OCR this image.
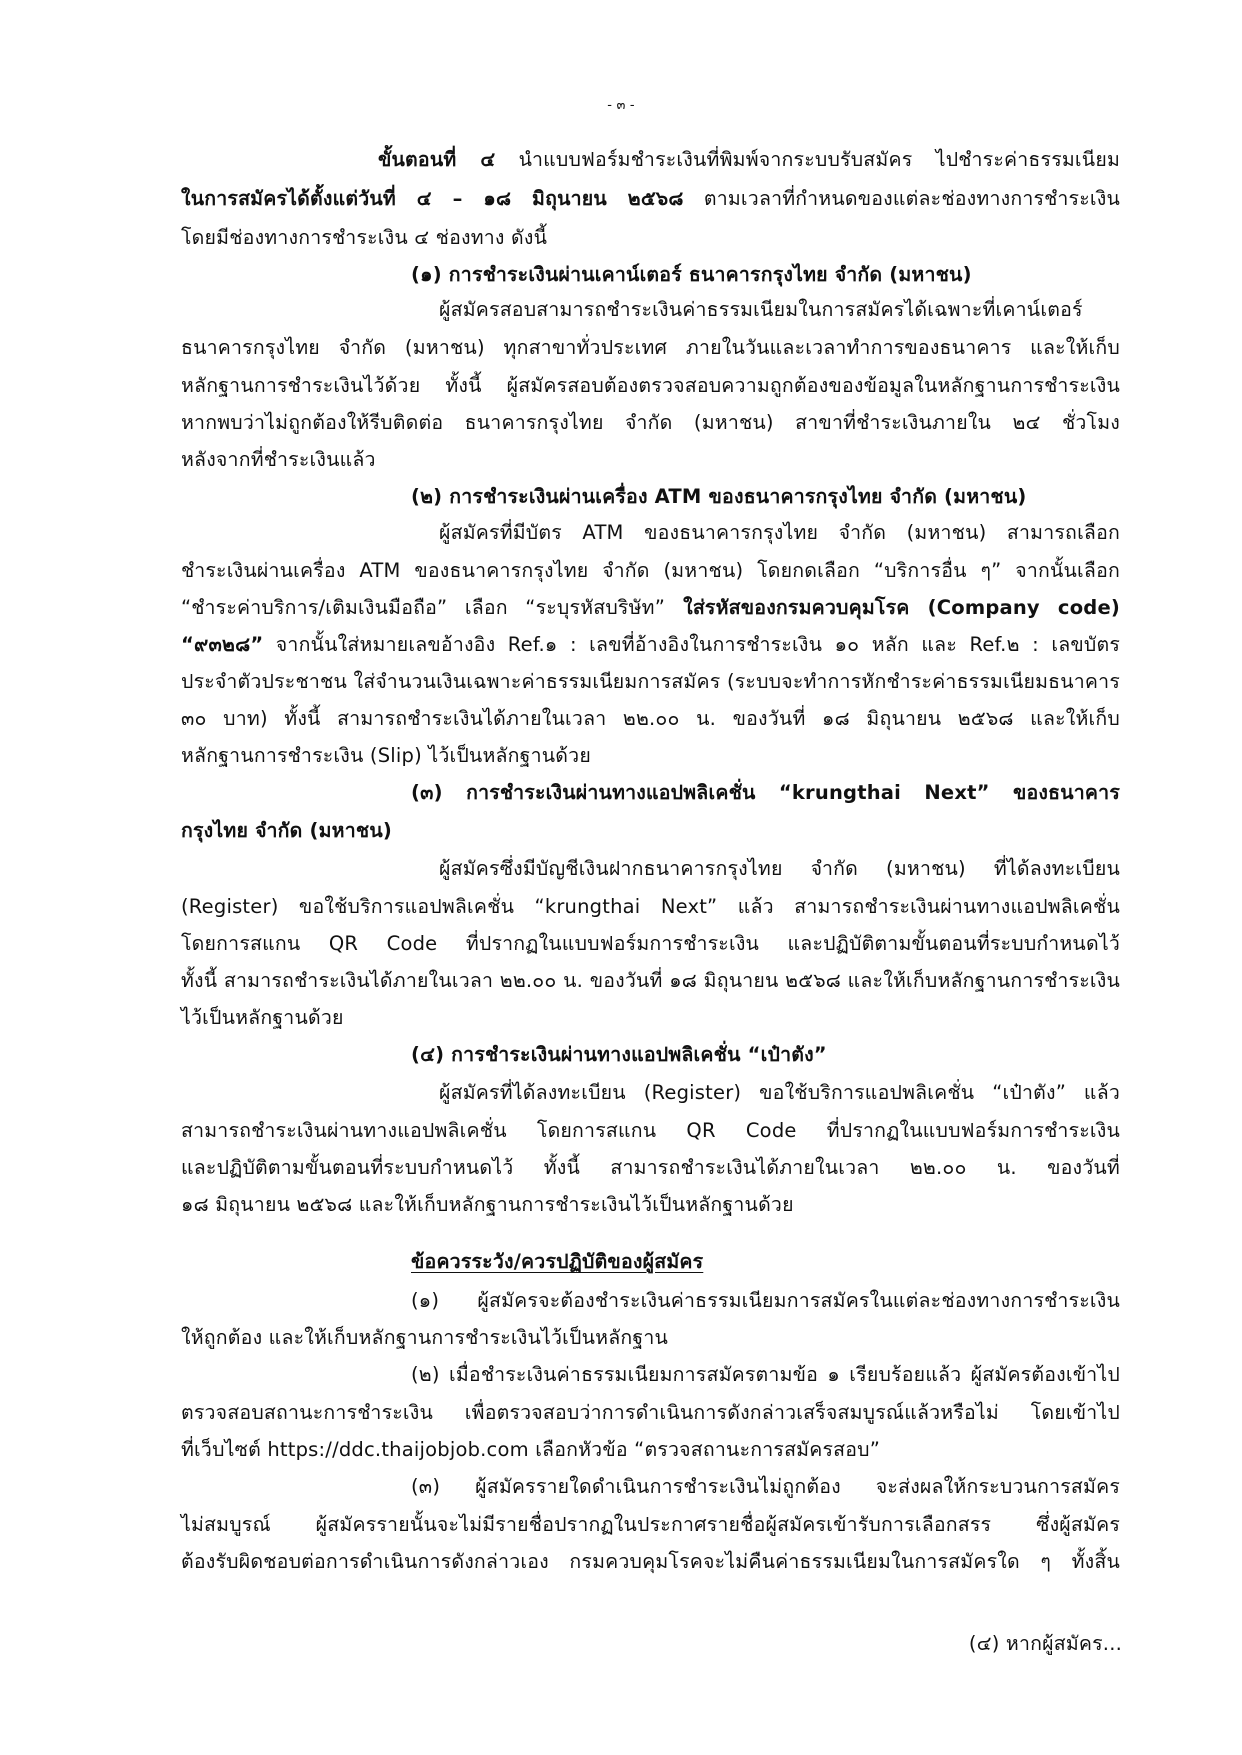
- ๓ -
ขั้นตอนที่ ๔ นำแบบฟอร์มชำระเงินที่พิมพ์จากระบบรับสมัคร ไปชำระค่าธรรมเนียม
ในการสมัครได้ตั้งแต่วันที่ ๔ – ๑๘ มิถุนายน ๒๕๖๘ ตามเวลาที่กำหนดของแต่ละช่องทางการชำระเงิน
โดยมีช่องทางการชำระเงิน ๔ ช่องทาง ดังนี้
(๑) การชำระเงินผ่านเคาน์เตอร์ ธนาคารกรุงไทย จำกัด (มหาชน)
ผู้สมัครสอบสามารถชำระเงินค่าธรรมเนียมในการสมัครได้เฉพาะที่เคาน์เตอร์
ธนาคารกรุงไทย จำกัด (มหาชน) ทุกสาขาทั่วประเทศ ภายในวันและเวลาทำการของธนาคาร และให้เก็บ
หลักฐานการชำระเงินไว้ด้วย ทั้งนี้ ผู้สมัครสอบต้องตรวจสอบความถูกต้องของข้อมูลในหลักฐานการชำระเงิน
หากพบว่าไม่ถูกต้องให้รีบติดต่อ ธนาคารกรุงไทย จำกัด (มหาชน) สาขาที่ชำระเงินภายใน ๒๔ ชั่วโมง
หลังจากที่ชำระเงินแล้ว
(๒) การชำระเงินผ่านเครื่อง ATM ของธนาคารกรุงไทย จำกัด (มหาชน)
ผู้สมัครที่มีบัตร ATM ของธนาคารกรุงไทย จำกัด (มหาชน) สามารถเลือก
ชำระเงินผ่านเครื่อง ATM ของธนาคารกรุงไทย จำกัด (มหาชน) โดยกดเลือก “บริการอื่น ๆ” จากนั้นเลือก
“ชำระค่าบริการ/เติมเงินมือถือ” เลือก “ระบุรหัสบริษัท” ใส่รหัสของกรมควบคุมโรค (Company code)
“๙๓๒๘” จากนั้นใส่หมายเลขอ้างอิง Ref.๑ : เลขที่อ้างอิงในการชำระเงิน ๑๐ หลัก และ Ref.๒ : เลขบัตร
ประจำตัวประชาชน ใส่จำนวนเงินเฉพาะค่าธรรมเนียมการสมัคร (ระบบจะทำการหักชำระค่าธรรมเนียมธนาคาร
๓๐ บาท) ทั้งนี้ สามารถชำระเงินได้ภายในเวลา ๒๒.๐๐ น. ของวันที่ ๑๘ มิถุนายน ๒๕๖๘ และให้เก็บ
หลักฐานการชำระเงิน (Slip) ไว้เป็นหลักฐานด้วย
(๓) การชำระเงินผ่านทางแอปพลิเคชั่น “krungthai Next” ของธนาคาร
กรุงไทย จำกัด (มหาชน)
ผู้สมัครซึ่งมีบัญชีเงินฝากธนาคารกรุงไทย จำกัด (มหาชน) ที่ได้ลงทะเบียน
(Register) ขอใช้บริการแอปพลิเคชั่น “krungthai Next” แล้ว สามารถชำระเงินผ่านทางแอปพลิเคชั่น
โดยการสแกน QR Code ที่ปรากฏในแบบฟอร์มการชำระเงิน และปฏิบัติตามขั้นตอนที่ระบบกำหนดไว้
ทั้งนี้ สามารถชำระเงินได้ภายในเวลา ๒๒.๐๐ น. ของวันที่ ๑๘ มิถุนายน ๒๕๖๘ และให้เก็บหลักฐานการชำระเงิน
ไว้เป็นหลักฐานด้วย
(๔) การชำระเงินผ่านทางแอปพลิเคชั่น “เป๋าตัง”
ผู้สมัครที่ได้ลงทะเบียน (Register) ขอใช้บริการแอปพลิเคชั่น “เป๋าตัง” แล้ว
สามารถชำระเงินผ่านทางแอปพลิเคชั่น โดยการสแกน QR Code ที่ปรากฏในแบบฟอร์มการชำระเงิน
และปฏิบัติตามขั้นตอนที่ระบบกำหนดไว้ ทั้งนี้ สามารถชำระเงินได้ภายในเวลา ๒๒.๐๐ น. ของวันที่
๑๘ มิถุนายน ๒๕๖๘ และให้เก็บหลักฐานการชำระเงินไว้เป็นหลักฐานด้วย
ข้อควรระวัง/ควรปฏิบัติของผู้สมัคร
(๑) ผู้สมัครจะต้องชำระเงินค่าธรรมเนียมการสมัครในแต่ละช่องทางการชำระเงิน
ให้ถูกต้อง และให้เก็บหลักฐานการชำระเงินไว้เป็นหลักฐาน
(๒) เมื่อชำระเงินค่าธรรมเนียมการสมัครตามข้อ ๑ เรียบร้อยแล้ว ผู้สมัครต้องเข้าไป
ตรวจสอบสถานะการชำระเงิน เพื่อตรวจสอบว่าการดำเนินการดังกล่าวเสร็จสมบูรณ์แล้วหรือไม่ โดยเข้าไป
ที่เว็บไซต์ https://ddc.thaijobjob.com เลือกหัวข้อ “ตรวจสถานะการสมัครสอบ”
(๓) ผู้สมัครรายใดดำเนินการชำระเงินไม่ถูกต้อง จะส่งผลให้กระบวนการสมัคร
ไม่สมบูรณ์ ผู้สมัครรายนั้นจะไม่มีรายชื่อปรากฏในประกาศรายชื่อผู้สมัครเข้ารับการเลือกสรร ซึ่งผู้สมัคร
ต้องรับผิดชอบต่อการดำเนินการดังกล่าวเอง กรมควบคุมโรคจะไม่คืนค่าธรรมเนียมในการสมัครใด ๆ ทั้งสิ้น
(๔) หากผู้สมัคร...
